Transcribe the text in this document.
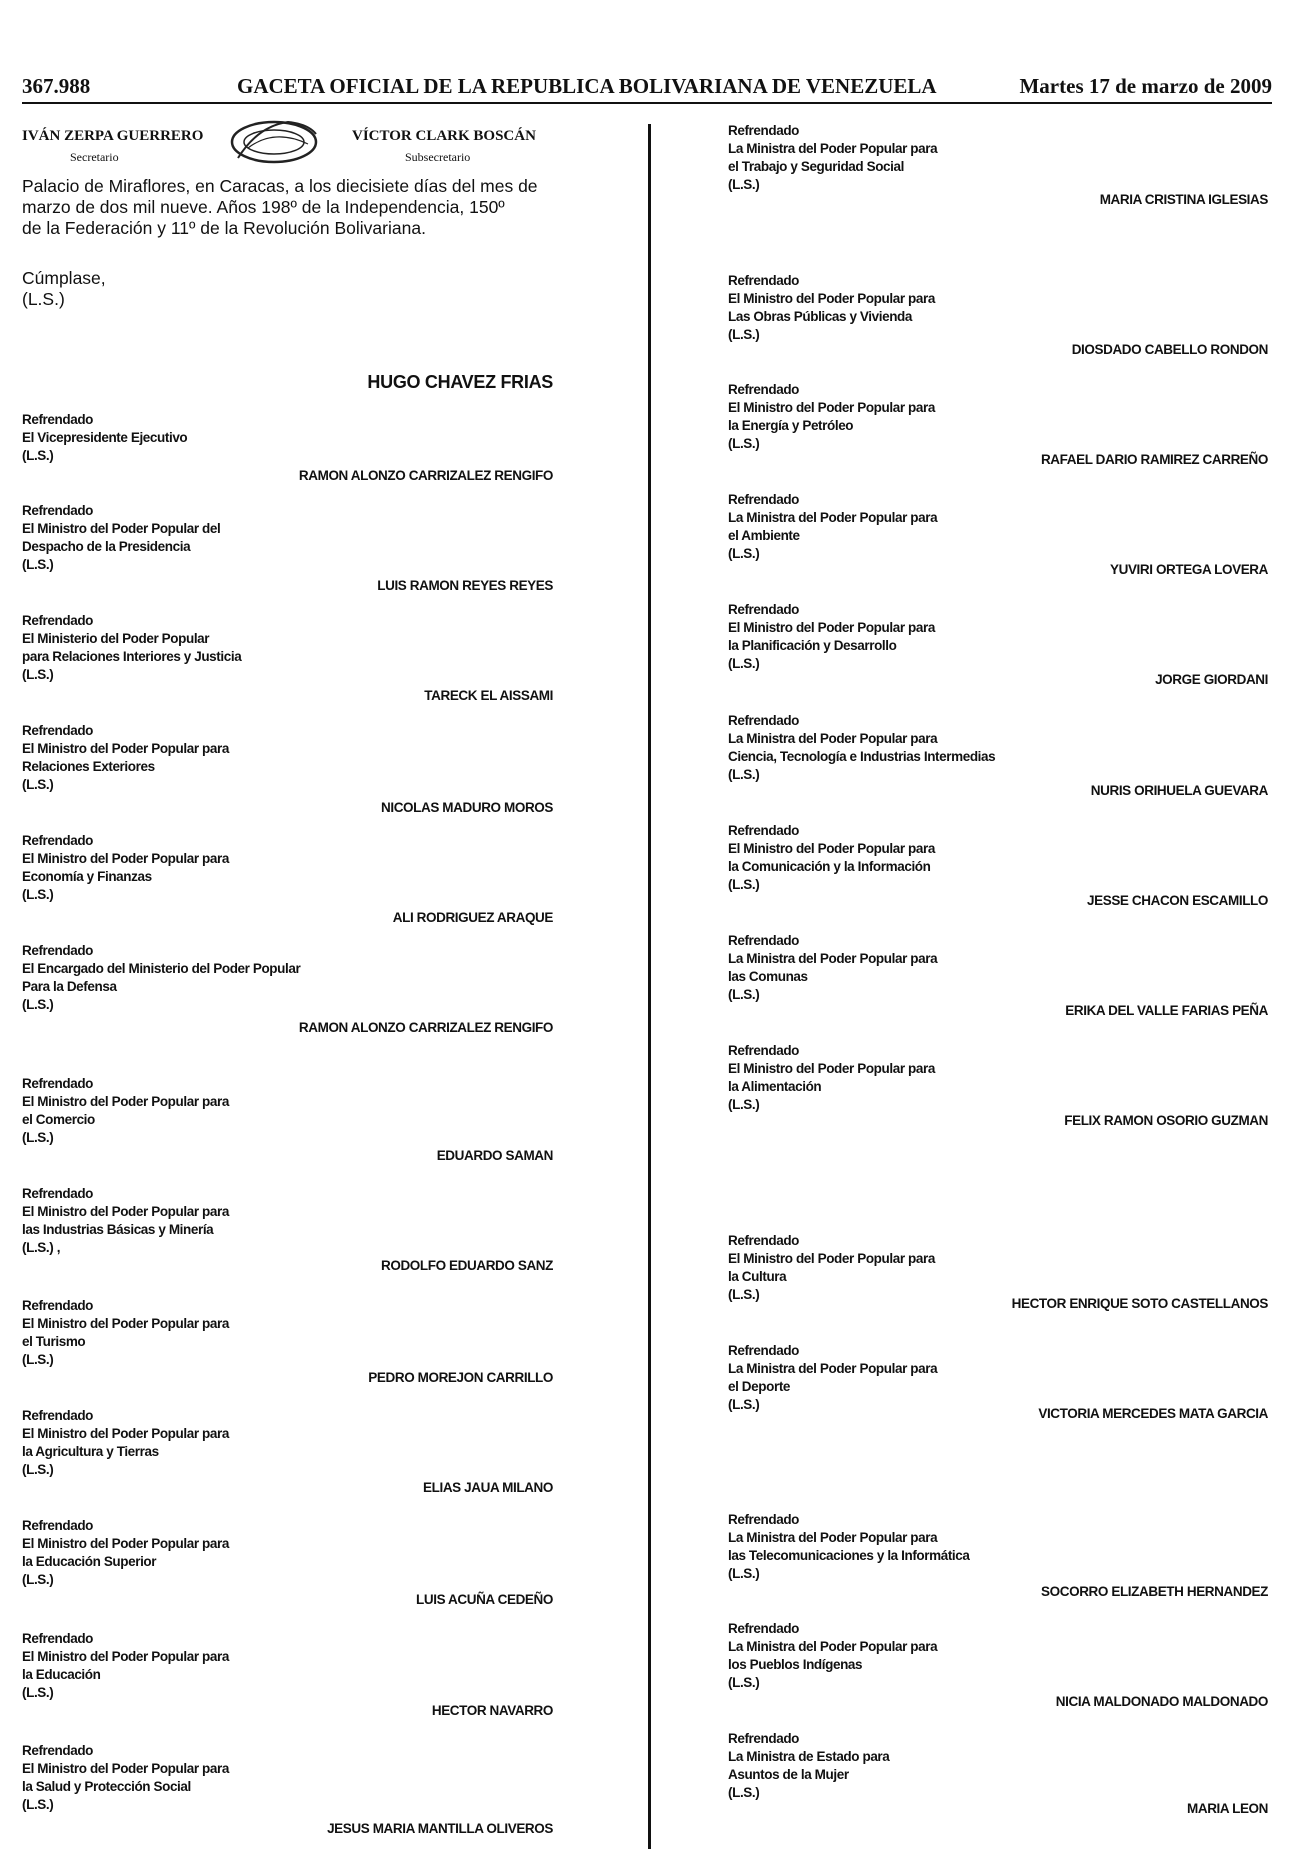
367.988	GACETA OFICIAL DE LA REPUBLICA BOLIVARIANA DE VENEZUELA	Martes 17 de marzo de 2009
IVÁN ZERPA GUERRERO
Secretario
VÍCTOR CLARK BOSCÁN
Subsecretario
Palacio de Miraflores, en Caracas, a los diecisiete días del mes de
marzo de dos mil nueve. Años 198º de la Independencia, 150º
de la Federación y 11º de la Revolución Bolivariana.
Cúmplase,
(L.S.)
HUGO CHAVEZ FRIAS
Refrendado
El Vicepresidente Ejecutivo
(L.S.)
RAMON ALONZO CARRIZALEZ RENGIFO
Refrendado
El Ministro del Poder Popular del
Despacho de la Presidencia
(L.S.)
LUIS RAMON REYES REYES
Refrendado
El Ministerio del Poder Popular
para Relaciones Interiores y Justicia
(L.S.)
TARECK EL AISSAMI
Refrendado
El Ministro del Poder Popular para
Relaciones Exteriores
(L.S.)
NICOLAS MADURO MOROS
Refrendado
El Ministro del Poder Popular para
Economía y Finanzas
(L.S.)
ALI RODRIGUEZ ARAQUE
Refrendado
El Encargado del Ministerio del Poder Popular
Para la Defensa
(L.S.)
RAMON ALONZO CARRIZALEZ RENGIFO
Refrendado
El Ministro del Poder Popular para
el Comercio
(L.S.)
EDUARDO SAMAN
Refrendado
El Ministro del Poder Popular para
las Industrias Básicas y Minería
(L.S.) ,
RODOLFO EDUARDO SANZ
Refrendado
El Ministro del Poder Popular para
el Turismo
(L.S.)
PEDRO MOREJON CARRILLO
Refrendado
El Ministro del Poder Popular para
la Agricultura y Tierras
(L.S.)
ELIAS JAUA MILANO
Refrendado
El Ministro del Poder Popular para
la Educación Superior
(L.S.)
LUIS ACUÑA CEDEÑO
Refrendado
El Ministro del Poder Popular para
la Educación
(L.S.)
HECTOR NAVARRO
Refrendado
El Ministro del Poder Popular para
la Salud y Protección Social
(L.S.)
JESUS MARIA MANTILLA OLIVEROS
Refrendado
La Ministra del Poder Popular para
el Trabajo y Seguridad Social
(L.S.)
MARIA CRISTINA IGLESIAS
Refrendado
El Ministro del Poder Popular para
Las Obras Públicas y Vivienda
(L.S.)
DIOSDADO CABELLO RONDON
Refrendado
El Ministro del Poder Popular para
la Energía y Petróleo
(L.S.)
RAFAEL DARIO RAMIREZ CARREÑO
Refrendado
La Ministra del Poder Popular para
el Ambiente
(L.S.)
YUVIRI ORTEGA LOVERA
Refrendado
El Ministro del Poder Popular para
la Planificación y Desarrollo
(L.S.)
JORGE GIORDANI
Refrendado
La Ministra del Poder Popular para
Ciencia, Tecnología e Industrias Intermedias
(L.S.)
NURIS ORIHUELA GUEVARA
Refrendado
El Ministro del Poder Popular para
la Comunicación y la Información
(L.S.)
JESSE CHACON ESCAMILLO
Refrendado
La Ministra del Poder Popular para
las Comunas
(L.S.)
ERIKA DEL VALLE FARIAS PEÑA
Refrendado
El Ministro del Poder Popular para
la Alimentación
(L.S.)
FELIX RAMON OSORIO GUZMAN
Refrendado
El Ministro del Poder Popular para
la Cultura
(L.S.)
HECTOR ENRIQUE SOTO CASTELLANOS
Refrendado
La Ministra del Poder Popular para
el Deporte
(L.S.)
VICTORIA MERCEDES MATA GARCIA
Refrendado
La Ministra del Poder Popular para
las Telecomunicaciones y la Informática
(L.S.)
SOCORRO ELIZABETH HERNANDEZ
Refrendado
La Ministra del Poder Popular para
los Pueblos Indígenas
(L.S.)
NICIA MALDONADO MALDONADO
Refrendado
La Ministra de Estado para
Asuntos de la Mujer
(L.S.)
MARIA LEON
